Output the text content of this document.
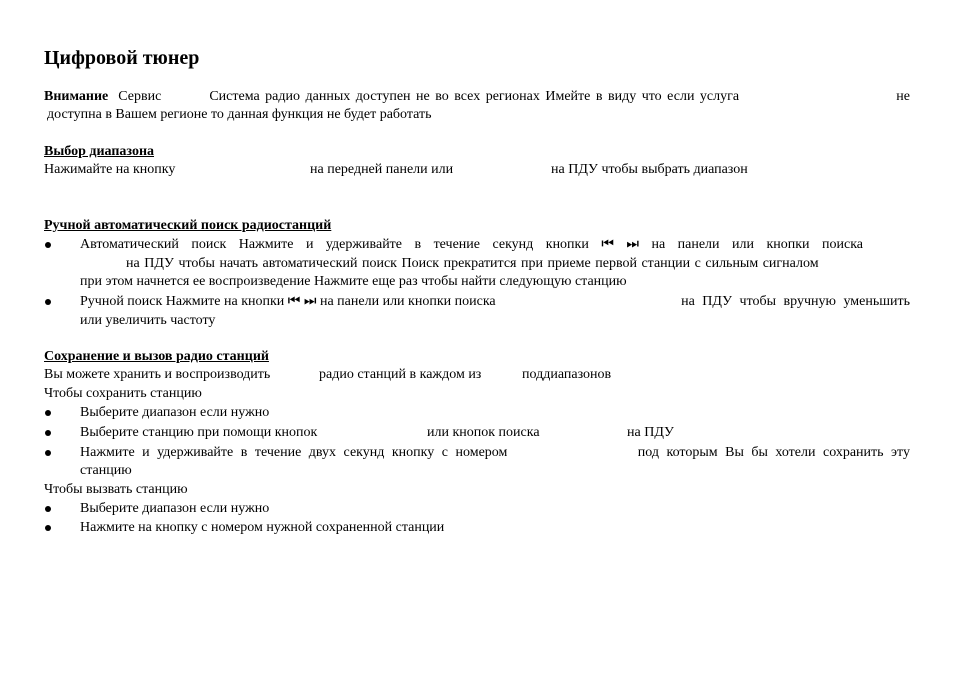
Цифровой тюнер
Внимание Сервис	Система радио данных доступен не во всех регионах Имейте в виду что если услуга	не
доступна в Вашем регионе то данная функция не будет работать
Выбор диапазона
Нажимайте на кнопку	на передней панели или	на ПДУ чтобы выбрать диапазон
Ручной автоматический поиск радиостанций
Автоматический поиск Нажмите и удерживайте в течение секунд кнопки ⏮ ⏭ на панели или кнопки поиска
на ПДУ чтобы начать автоматический поиск Поиск прекратится при приеме первой станции с сильным сигналом
при этом начнется ее воспроизведение Нажмите еще раз чтобы найти следующую станцию
Ручной поиск Нажмите на кнопки ⏮ ⏭ на панели или кнопки поиска	на ПДУ чтобы вручную уменьшить
или увеличить частоту
Сохранение и вызов радио станций
Вы можете хранить и воспроизводить	радио станций в каждом из	поддиапазонов
Чтобы сохранить станцию
Выберите диапазон если нужно
Выберите станцию при помощи кнопок	или кнопок поиска	на ПДУ
Нажмите и удерживайте в течение двух секунд кнопку с номером	под которым Вы бы хотели сохранить эту
станцию
Чтобы вызвать станцию
Выберите диапазон если нужно
Нажмите на кнопку с номером нужной сохраненной станции
